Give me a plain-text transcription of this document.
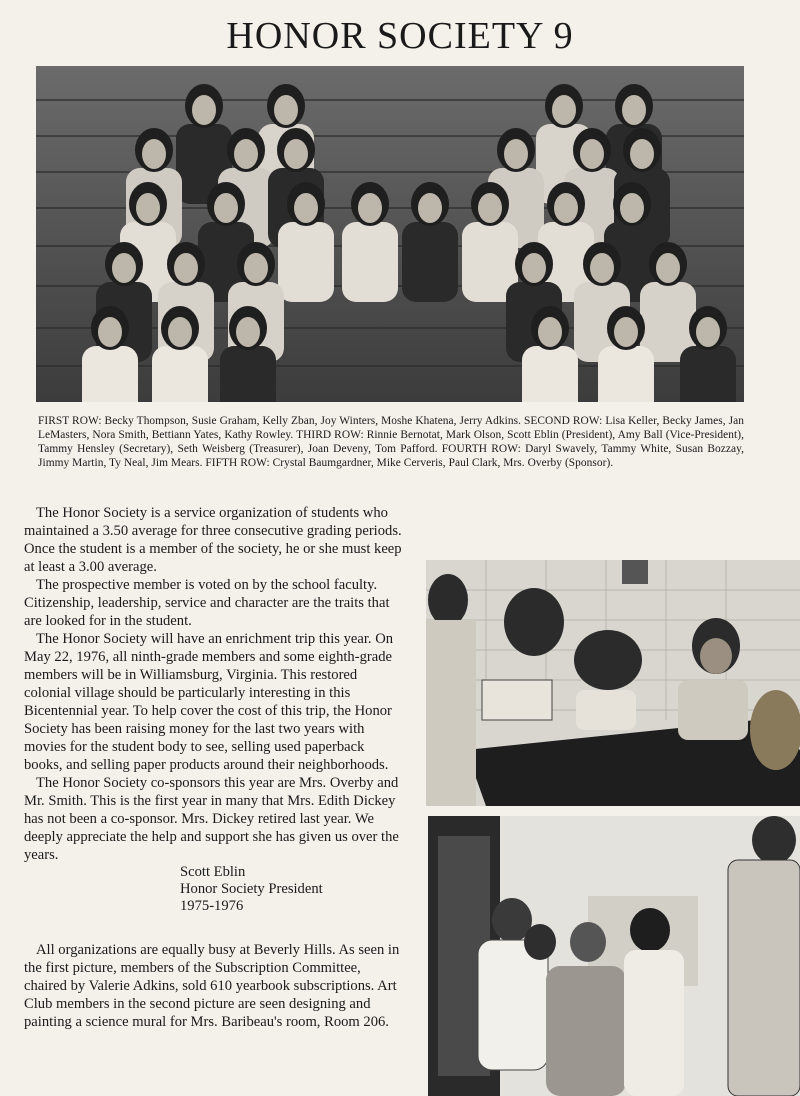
HONOR SOCIETY 9
FIRST ROW: Becky Thompson, Susie Graham, Kelly Zban, Joy Winters, Moshe Khatena, Jerry Adkins. SECOND ROW: Lisa Keller, Becky James, Jan LeMasters, Nora Smith, Bettiann Yates, Kathy Rowley. THIRD ROW: Rinnie Bernotat, Mark Olson, Scott Eblin (President), Amy Ball (Vice-President), Tammy Hensley (Secretary), Seth Weisberg (Treasurer), Joan Deveny, Tom Pafford. FOURTH ROW: Daryl Swavely, Tammy White, Susan Bozzay, Jimmy Martin, Ty Neal, Jim Mears. FIFTH ROW: Crystal Baumgardner, Mike Cerveris, Paul Clark, Mrs. Overby (Sponsor).

The Honor Society is a service organization of students who maintained a 3.50 average for three consecutive grading periods. Once the student is a member of the society, he or she must keep at least a 3.00 average.

The prospective member is voted on by the school faculty. Citizenship, leadership, service and character are the traits that are looked for in the student.

The Honor Society will have an enrichment trip this year. On May 22, 1976, all ninth-grade members and some eighth-grade members will be in Williamsburg, Virginia. This restored colonial village should be particularly interesting in this Bicentennial year. To help cover the cost of this trip, the Honor Society has been raising money for the last two years with movies for the student body to see, selling used paperback books, and selling paper products around their neighborhoods.

The Honor Society co-sponsors this year are Mrs. Overby and Mr. Smith. This is the first year in many that Mrs. Edith Dickey has not been a co-sponsor. Mrs. Dickey retired last year. We deeply appreciate the help and support she has given us over the years.

Scott Eblin
Honor Society President
1975-1976

All organizations are equally busy at Beverly Hills. As seen in the first picture, members of the Subscription Committee, chaired by Valerie Adkins, sold 610 yearbook subscriptions. Art Club members in the second picture are seen designing and painting a science mural for Mrs. Baribeau's room, Room 206.
